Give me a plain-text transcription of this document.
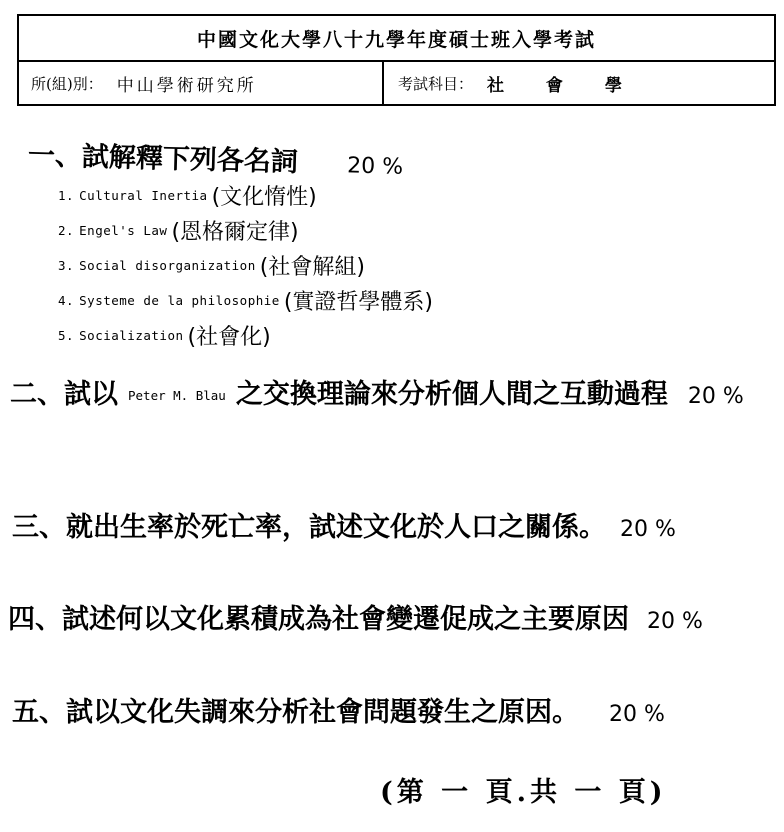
中國文化大學八十九學年度碩士班入學考試
所(組)別： 中山學術研究所	考試科目： 社 會 學
一、試解釋下列各名詞 20 %
1.
Cultural Inertia (文化惰性)
2.
Engel's Law (恩格爾定律)
3.
Social disorganization (社會解組)
4.
Systeme de la philosophie (實證哲學體系)
5.
Socialization (社會化)
二、試以 Peter M. Blau 之交換理論來分析個人間之互動過程 20 %
三、就出生率於死亡率，試述文化於人口之關係。 20 %
四、試述何以文化累積成為社會變遷促成之主要原因 20 %
五、試以文化失調來分析社會問題發生之原因。 20 %
(第 一 頁.共 一 頁)
